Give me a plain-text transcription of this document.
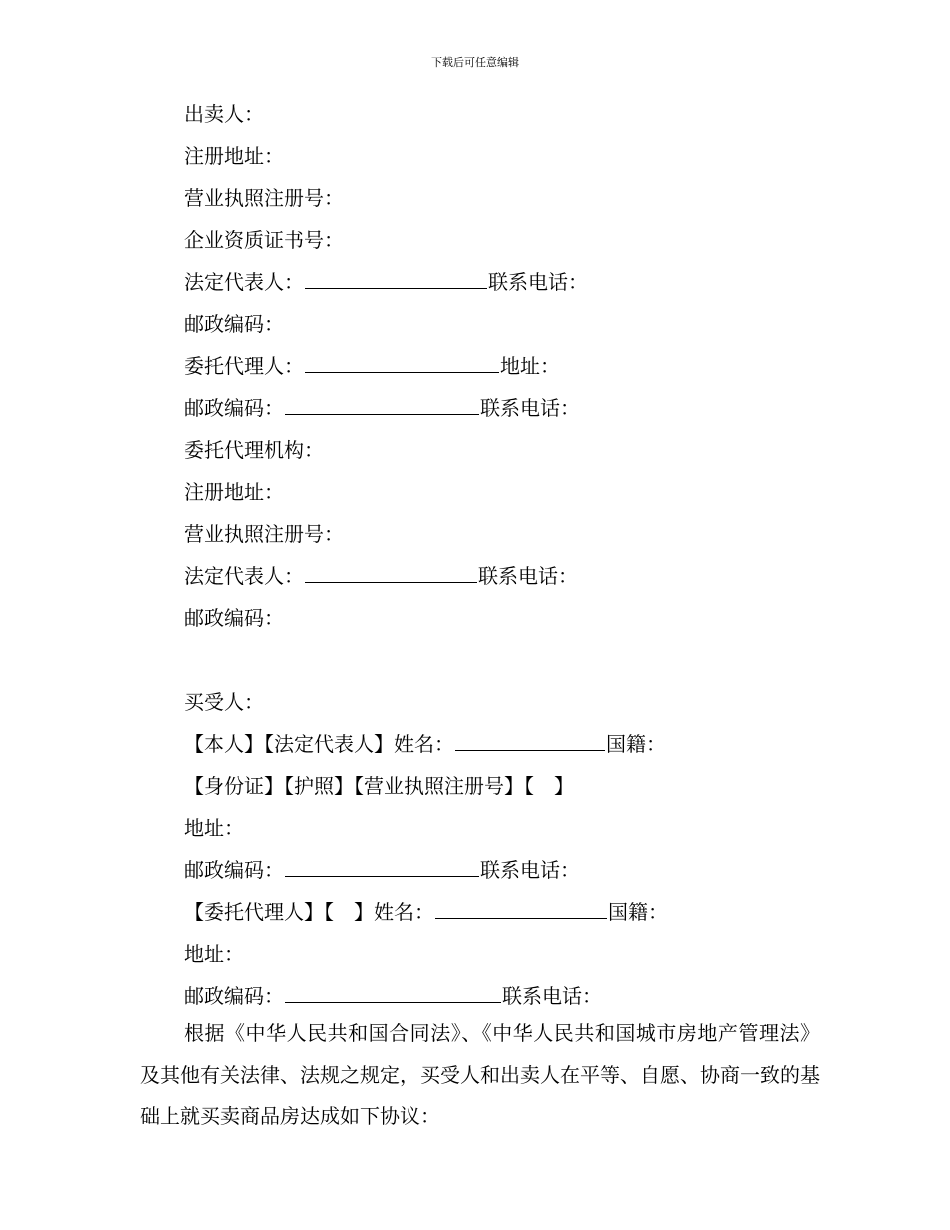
下载后可任意编辑
出卖人：
注册地址：
营业执照注册号：
企业资质证书号：
法定代表人：	联系电话：
邮政编码：
委托代理人：	地址：
邮政编码：	联系电话：
委托代理机构：
注册地址：
营业执照注册号：
法定代表人：	联系电话：
邮政编码：
买受人：
【本人】【法定代表人】姓名：	国籍：
【身份证】【护照】【营业执照注册号】【　】
地址：
邮政编码：	联系电话：
【委托代理人】【　】姓名：	国籍：
地址：
邮政编码：	联系电话：
根据《中华人民共和国合同法》、《中华人民共和国城市房地产管理法》及其他有关法律、法规之规定，买受人和出卖人在平等、自愿、协商一致的基础上就买卖商品房达成如下协议：
